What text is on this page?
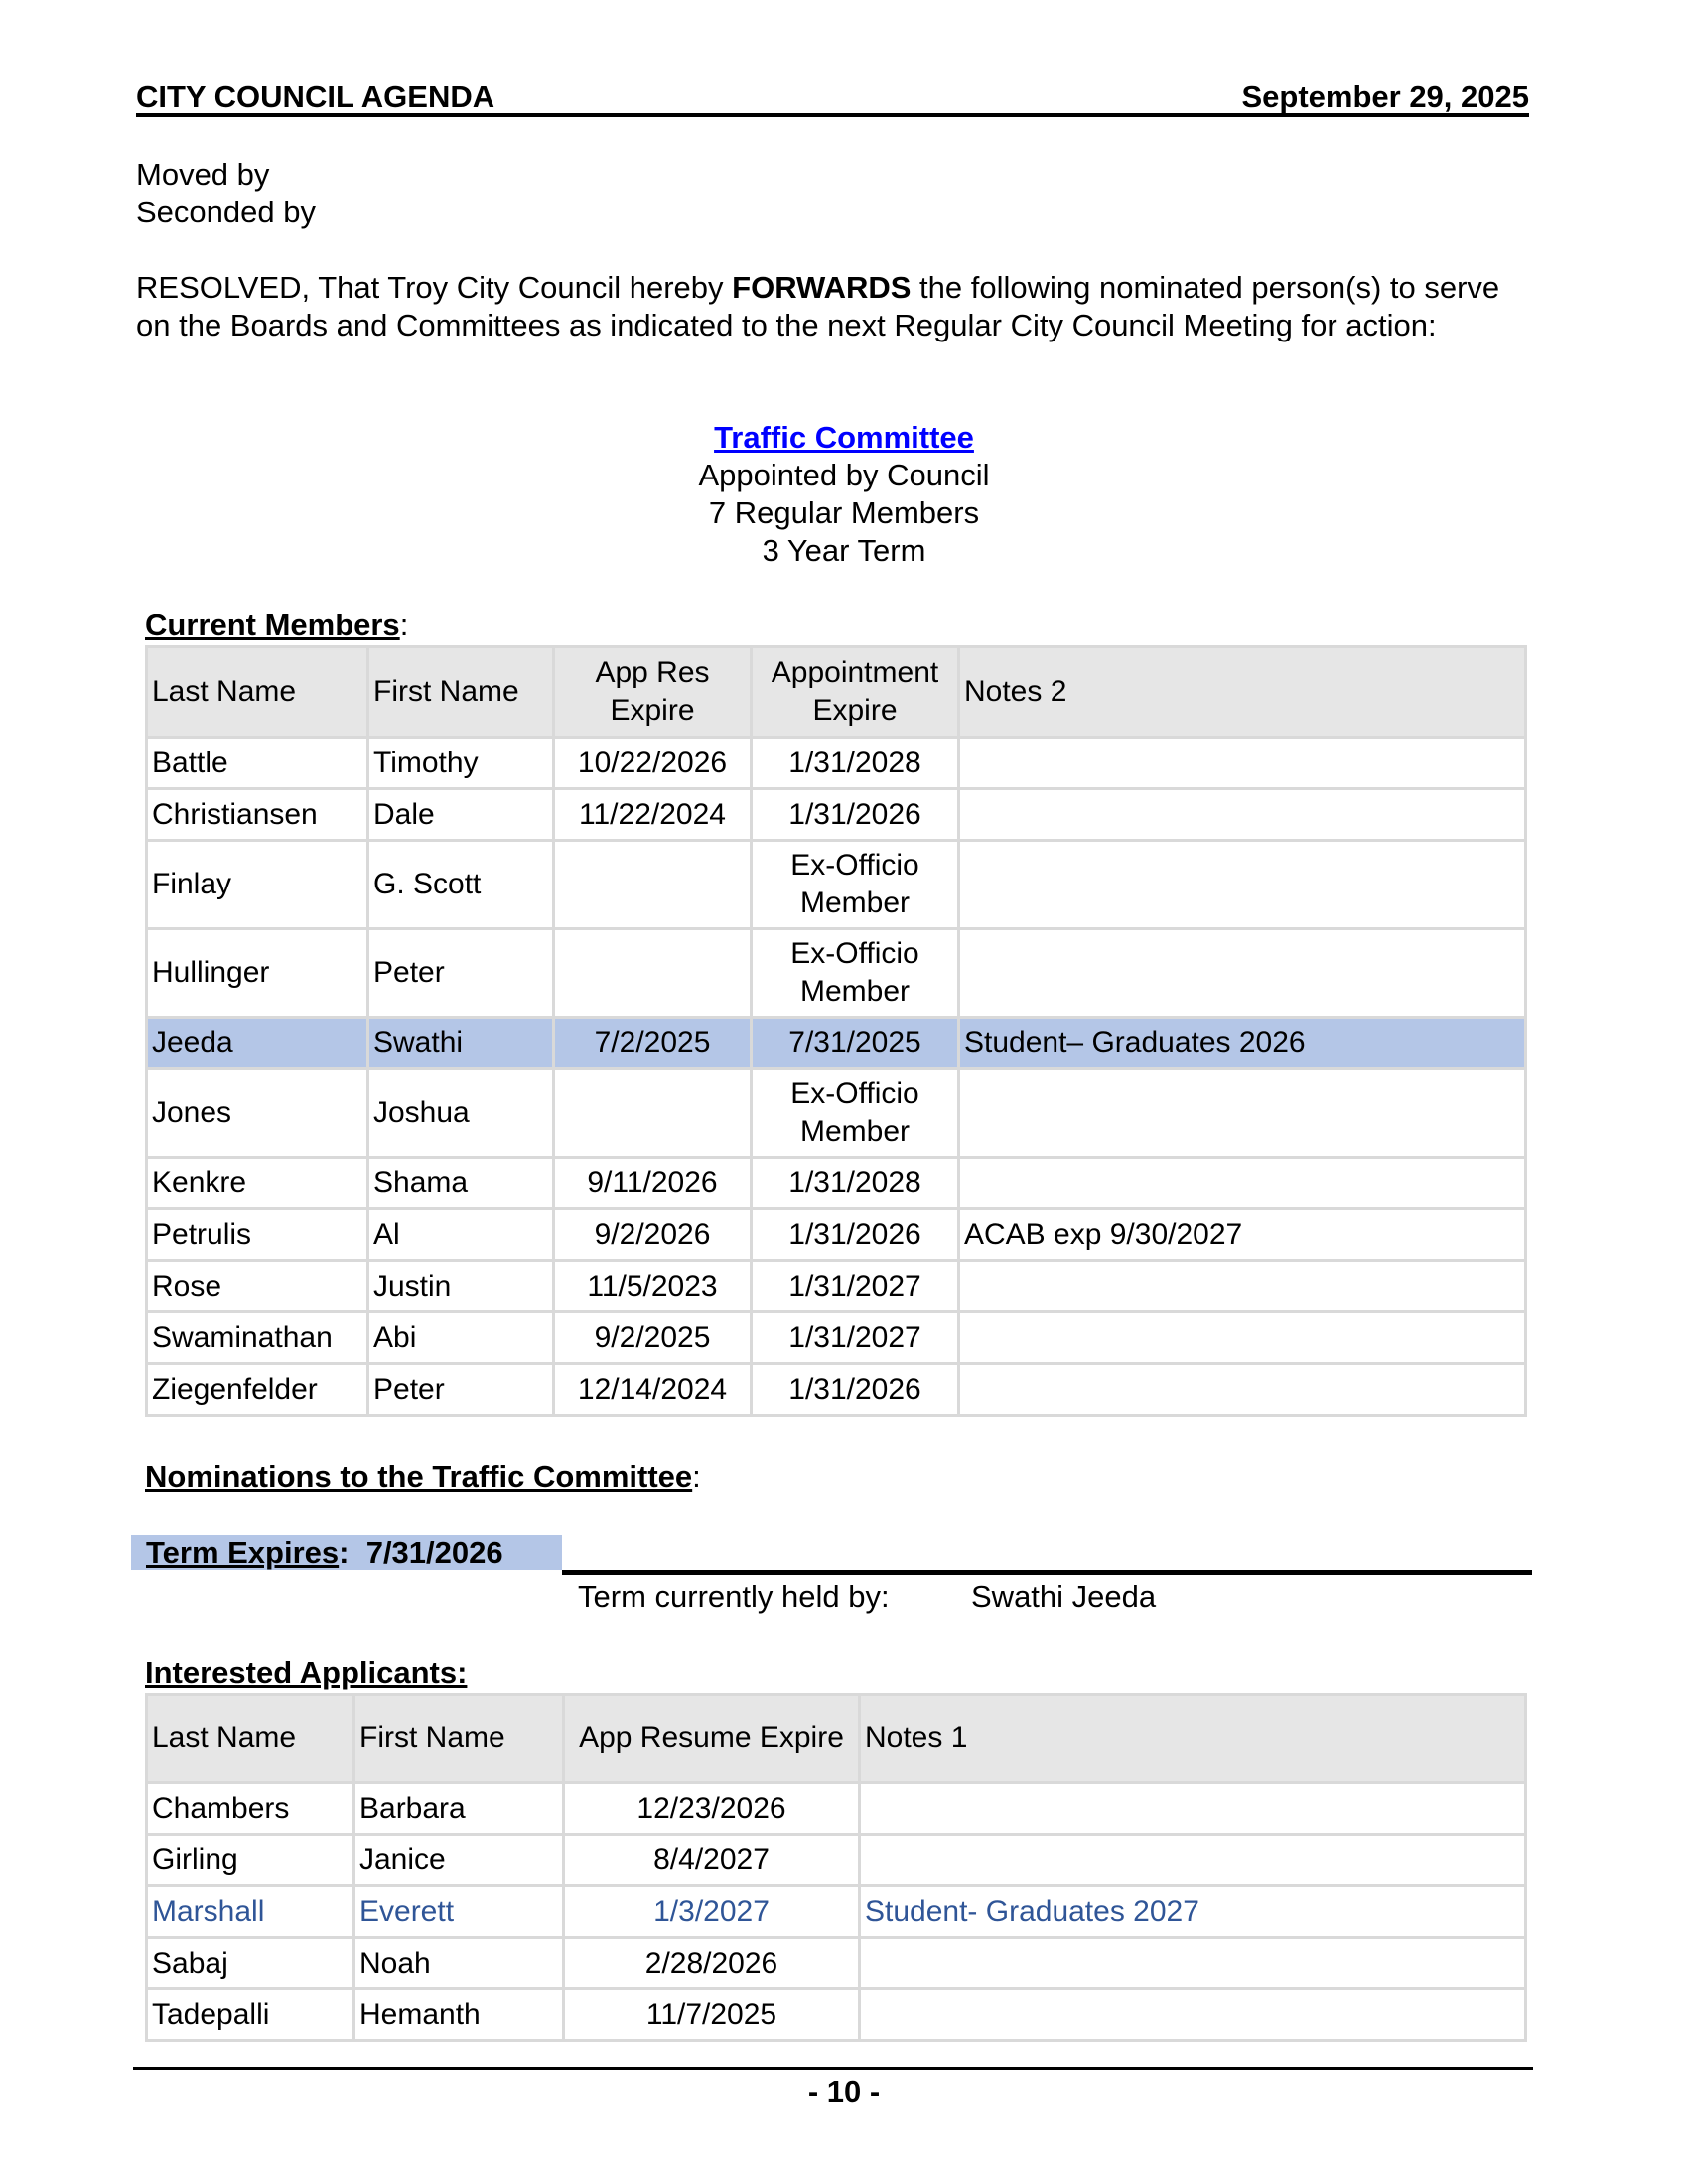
CITY COUNCIL AGENDA	September 29, 2025
Moved by
Seconded by
RESOLVED, That Troy City Council hereby FORWARDS the following nominated person(s) to serve on the Boards and Committees as indicated to the next Regular City Council Meeting for action:
Traffic Committee
Appointed by Council
7 Regular Members
3 Year Term
Current Members:
Last Name	First Name	App Res Expire	Appointment Expire	Notes 2
Battle	Timothy	10/22/2026	1/31/2028	
Christiansen	Dale	11/22/2024	1/31/2026	
Finlay	G. Scott		Ex-Officio Member	
Hullinger	Peter		Ex-Officio Member	
Jeeda	Swathi	7/2/2025	7/31/2025	Student– Graduates 2026
Jones	Joshua		Ex-Officio Member	
Kenkre	Shama	9/11/2026	1/31/2028	
Petrulis	Al	9/2/2026	1/31/2026	ACAB exp 9/30/2027
Rose	Justin	11/5/2023	1/31/2027	
Swaminathan	Abi	9/2/2025	1/31/2027	
Ziegenfelder	Peter	12/14/2024	1/31/2026	
Nominations to the Traffic Committee:
Term Expires:  7/31/2026
Term currently held by:	Swathi Jeeda
Interested Applicants:
Last Name	First Name	App Resume Expire	Notes 1
Chambers	Barbara	12/23/2026	
Girling	Janice	8/4/2027	
Marshall	Everett	1/3/2027	Student- Graduates 2027
Sabaj	Noah	2/28/2026	
Tadepalli	Hemanth	11/7/2025	
- 10 -
